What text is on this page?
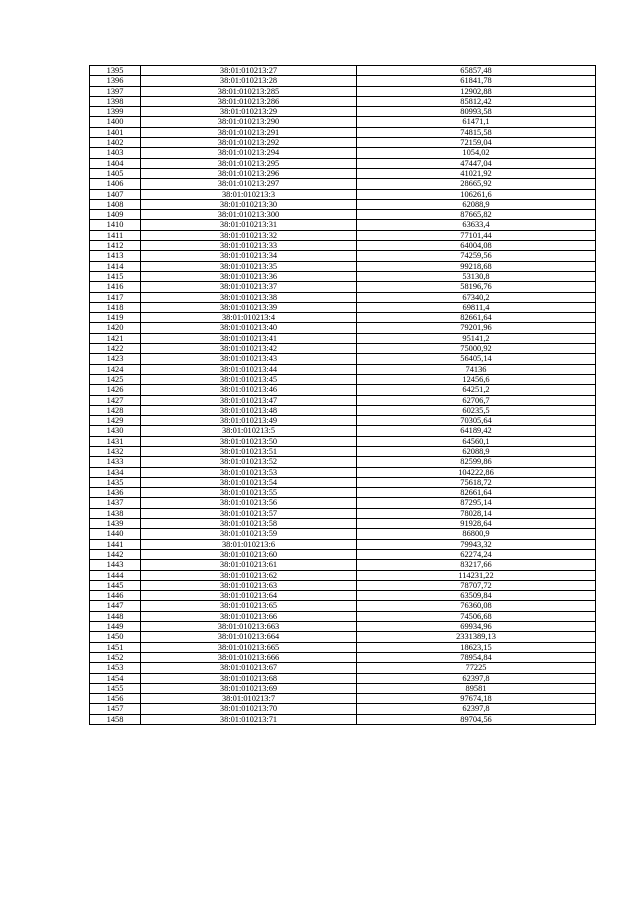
1395	38:01:010213:27	65857,48
1396	38:01:010213:28	61841,78
1397	38:01:010213:285	12902,88
1398	38:01:010213:286	85812,42
1399	38:01:010213:29	80993,58
1400	38:01:010213:290	61471,1
1401	38:01:010213:291	74815,58
1402	38:01:010213:292	72159,04
1403	38:01:010213:294	1054,02
1404	38:01:010213:295	47447,04
1405	38:01:010213:296	41021,92
1406	38:01:010213:297	28665,92
1407	38:01:010213:3	106261,6
1408	38:01:010213:30	62088,9
1409	38:01:010213:300	87665,82
1410	38:01:010213:31	63633,4
1411	38:01:010213:32	77101,44
1412	38:01:010213:33	64004,08
1413	38:01:010213:34	74259,56
1414	38:01:010213:35	99218,68
1415	38:01:010213:36	53130,8
1416	38:01:010213:37	58196,76
1417	38:01:010213:38	67340,2
1418	38:01:010213:39	69811,4
1419	38:01:010213:4	82661,64
1420	38:01:010213:40	79201,96
1421	38:01:010213:41	95141,2
1422	38:01:010213:42	75000,92
1423	38:01:010213:43	56405,14
1424	38:01:010213:44	74136
1425	38:01:010213:45	12456,6
1426	38:01:010213:46	64251,2
1427	38:01:010213:47	62706,7
1428	38:01:010213:48	60235,5
1429	38:01:010213:49	70305,64
1430	38:01:010213:5	64189,42
1431	38:01:010213:50	64560,1
1432	38:01:010213:51	62088,9
1433	38:01:010213:52	82599,86
1434	38:01:010213:53	104222,86
1435	38:01:010213:54	75618,72
1436	38:01:010213:55	82661,64
1437	38:01:010213:56	87295,14
1438	38:01:010213:57	78028,14
1439	38:01:010213:58	91928,64
1440	38:01:010213:59	86800,9
1441	38:01:010213:6	79943,32
1442	38:01:010213:60	62274,24
1443	38:01:010213:61	83217,66
1444	38:01:010213:62	114231,22
1445	38:01:010213:63	78707,72
1446	38:01:010213:64	63509,84
1447	38:01:010213:65	76360,08
1448	38:01:010213:66	74506,68
1449	38:01:010213:663	69934,96
1450	38:01:010213:664	2331389,13
1451	38:01:010213:665	18623,15
1452	38:01:010213:666	78954,84
1453	38:01:010213:67	77225
1454	38:01:010213:68	62397,8
1455	38:01:010213:69	89581
1456	38:01:010213:7	97674,18
1457	38:01:010213:70	62397,8
1458	38:01:010213:71	89704,56
